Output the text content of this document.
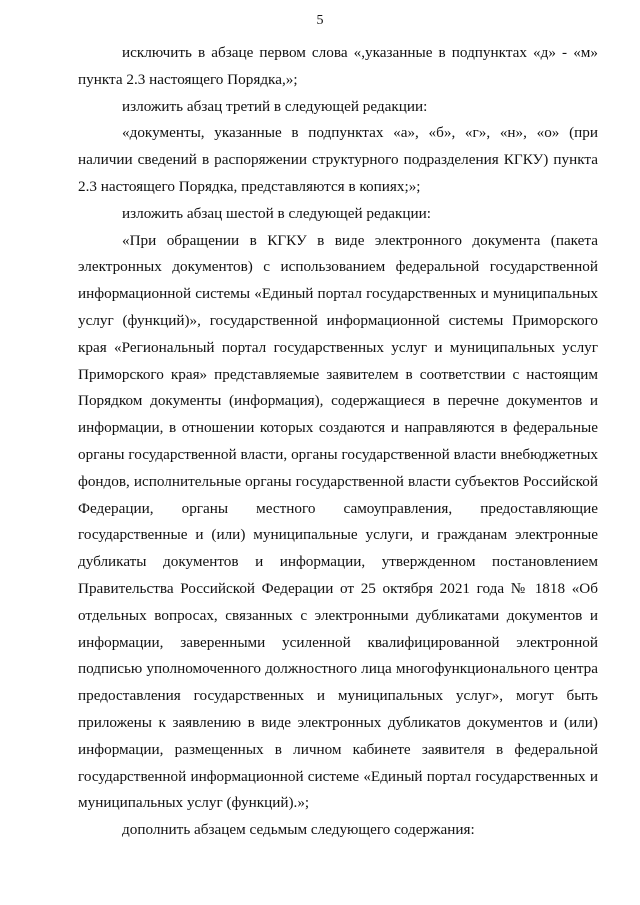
5

исключить в абзаце первом слова «,указанные в подпунктах «д» - «м» пункта 2.3 настоящего Порядка,»;

изложить абзац третий в следующей редакции:

«документы, указанные в подпунктах «а», «б», «г», «н», «о» (при наличии сведений в распоряжении структурного подразделения КГКУ) пункта 2.3 настоящего Порядка, представляются в копиях;»;

изложить абзац шестой в следующей редакции:

«При обращении в КГКУ в виде электронного документа (пакета электронных документов) с использованием федеральной государственной информационной системы «Единый портал государственных и муниципальных услуг (функций)», государственной информационной системы Приморского края «Региональный портал государственных услуг и муниципальных услуг Приморского края» представляемые заявителем в соответствии с настоящим Порядком документы (информация), содержащиеся в перечне документов и информации, в отношении которых создаются и направляются в федеральные органы государственной власти, органы государственной власти внебюджетных фондов, исполнительные органы государственной власти субъектов Российской Федерации, органы местного самоуправления, предоставляющие государственные и (или) муниципальные услуги, и гражданам электронные дубликаты документов и информации, утвержденном постановлением Правительства Российской Федерации от 25 октября 2021 года № 1818 «Об отдельных вопросах, связанных с электронными дубликатами документов и информации, заверенными усиленной квалифицированной электронной подписью уполномоченного должностного лица многофункционального центра предоставления государственных и муниципальных услуг», могут быть приложены к заявлению в виде электронных дубликатов документов и (или) информации, размещенных в личном кабинете заявителя в федеральной государственной информационной системе «Единый портал государственных и муниципальных услуг (функций).»;

дополнить абзацем седьмым следующего содержания:
